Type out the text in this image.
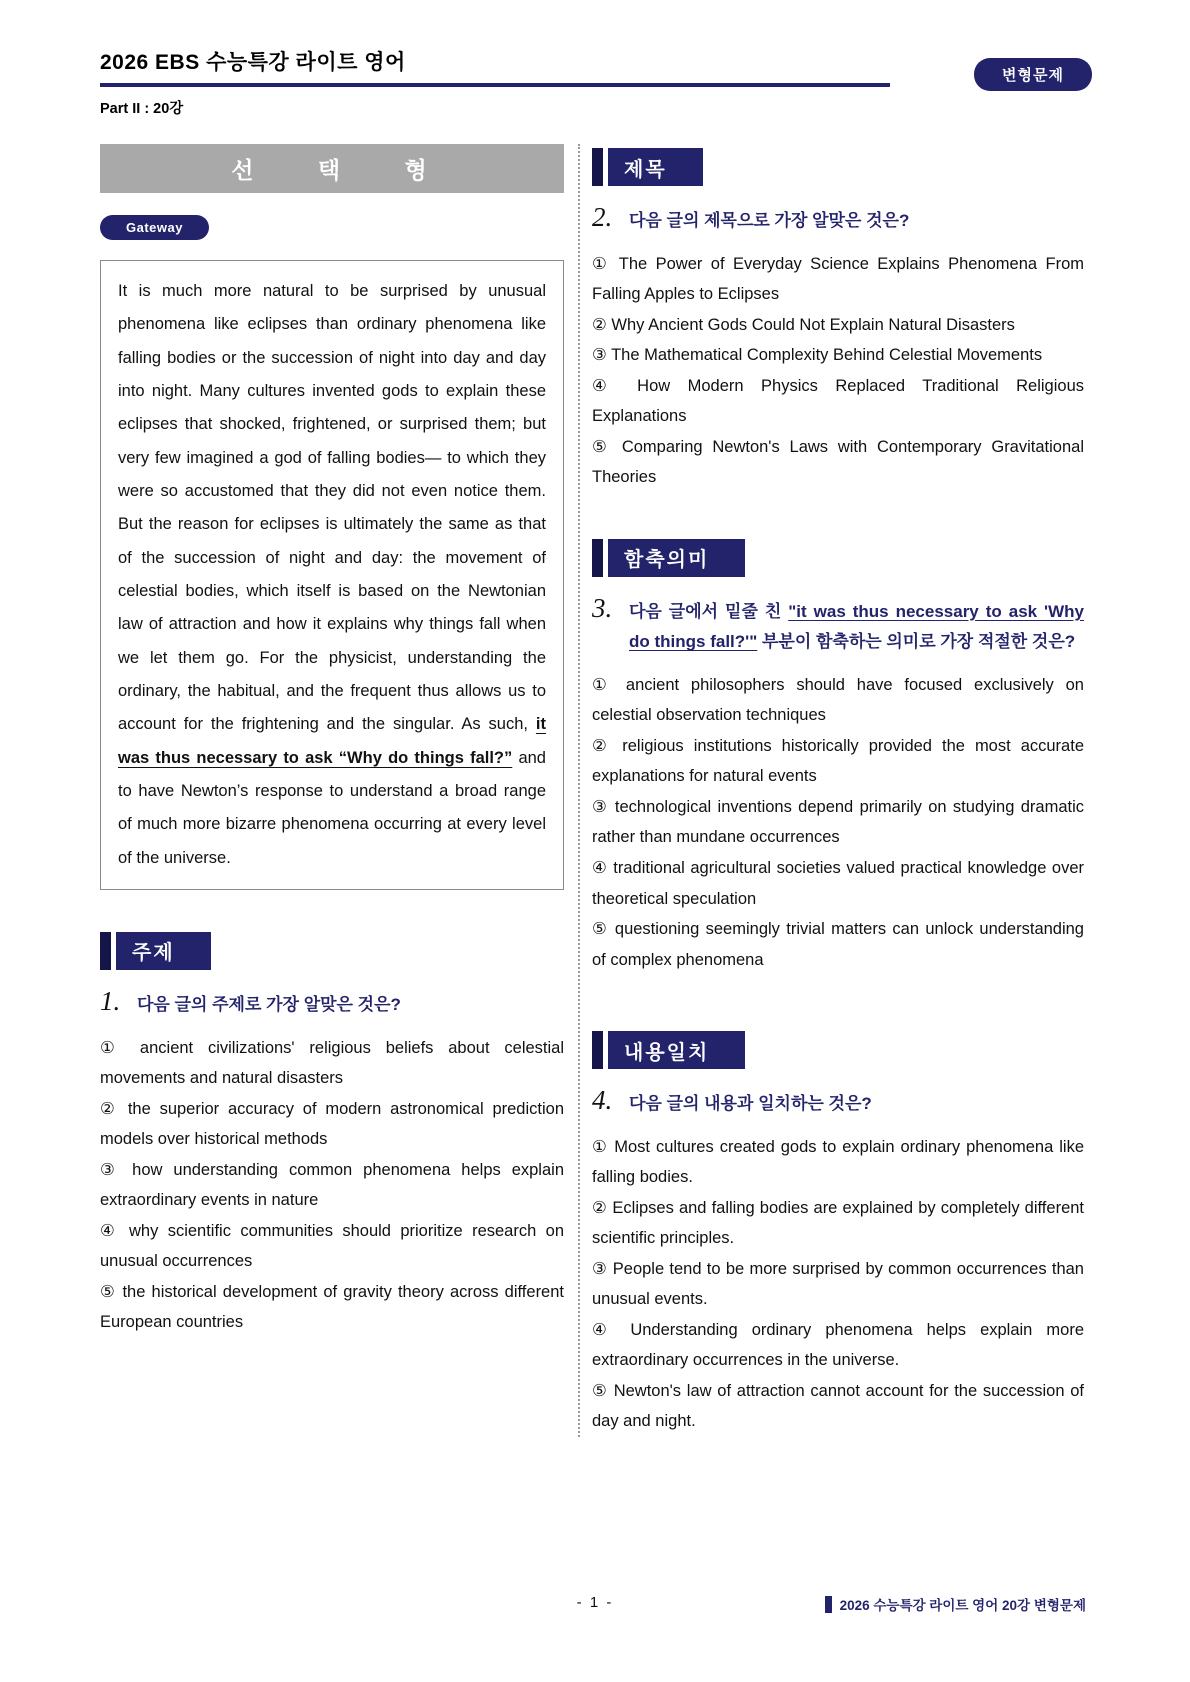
2026 EBS 수능특강 라이트 영어
변형문제
Part II : 20강
선 택 형
Gateway
It is much more natural to be surprised by unusual phenomena like eclipses than ordinary phenomena like falling bodies or the succession of night into day and day into night. Many cultures invented gods to explain these eclipses that shocked, frightened, or surprised them; but very few imagined a god of falling bodies— to which they were so accustomed that they did not even notice them. But the reason for eclipses is ultimately the same as that of the succession of night and day: the movement of celestial bodies, which itself is based on the Newtonian law of attraction and how it explains why things fall when we let them go. For the physicist, understanding the ordinary, the habitual, and the frequent thus allows us to account for the frightening and the singular. As such, it was thus necessary to ask “Why do things fall?” and to have Newton’s response to understand a broad range of much more bizarre phenomena occurring at every level of the universe.
주제
1. 다음 글의 주제로 가장 알맞은 것은?

① ancient civilizations' religious beliefs about celestial movements and natural disasters

② the superior accuracy of modern astronomical prediction models over historical methods

③ how understanding common phenomena helps explain extraordinary events in nature

④ why scientific communities should prioritize research on unusual occurrences

⑤ the historical development of gravity theory across different European countries

제목
2. 다음 글의 제목으로 가장 알맞은 것은?

① The Power of Everyday Science Explains Phenomena From Falling Apples to Eclipses

② Why Ancient Gods Could Not Explain Natural Disasters

③ The Mathematical Complexity Behind Celestial Movements

④ How Modern Physics Replaced Traditional Religious Explanations

⑤ Comparing Newton's Laws with Contemporary Gravitational Theories

함축의미
3. 다음 글에서 밑줄 친 "it was thus necessary to ask 'Why do things fall?'" 부분이 함축하는 의미로 가장 적절한 것은?

① ancient philosophers should have focused exclusively on celestial observation techniques

② religious institutions historically provided the most accurate explanations for natural events

③ technological inventions depend primarily on studying dramatic rather than mundane occurrences

④ traditional agricultural societies valued practical knowledge over theoretical speculation

⑤ questioning seemingly trivial matters can unlock understanding of complex phenomena

내용일치
4. 다음 글의 내용과 일치하는 것은?

① Most cultures created gods to explain ordinary phenomena like falling bodies.

② Eclipses and falling bodies are explained by completely different scientific principles.

③ People tend to be more surprised by common occurrences than unusual events.

④ Understanding ordinary phenomena helps explain more extraordinary occurrences in the universe.

⑤ Newton's law of attraction cannot account for the succession of day and night.

- 1 -	2026 수능특강 라이트 영어 20강 변형문제
